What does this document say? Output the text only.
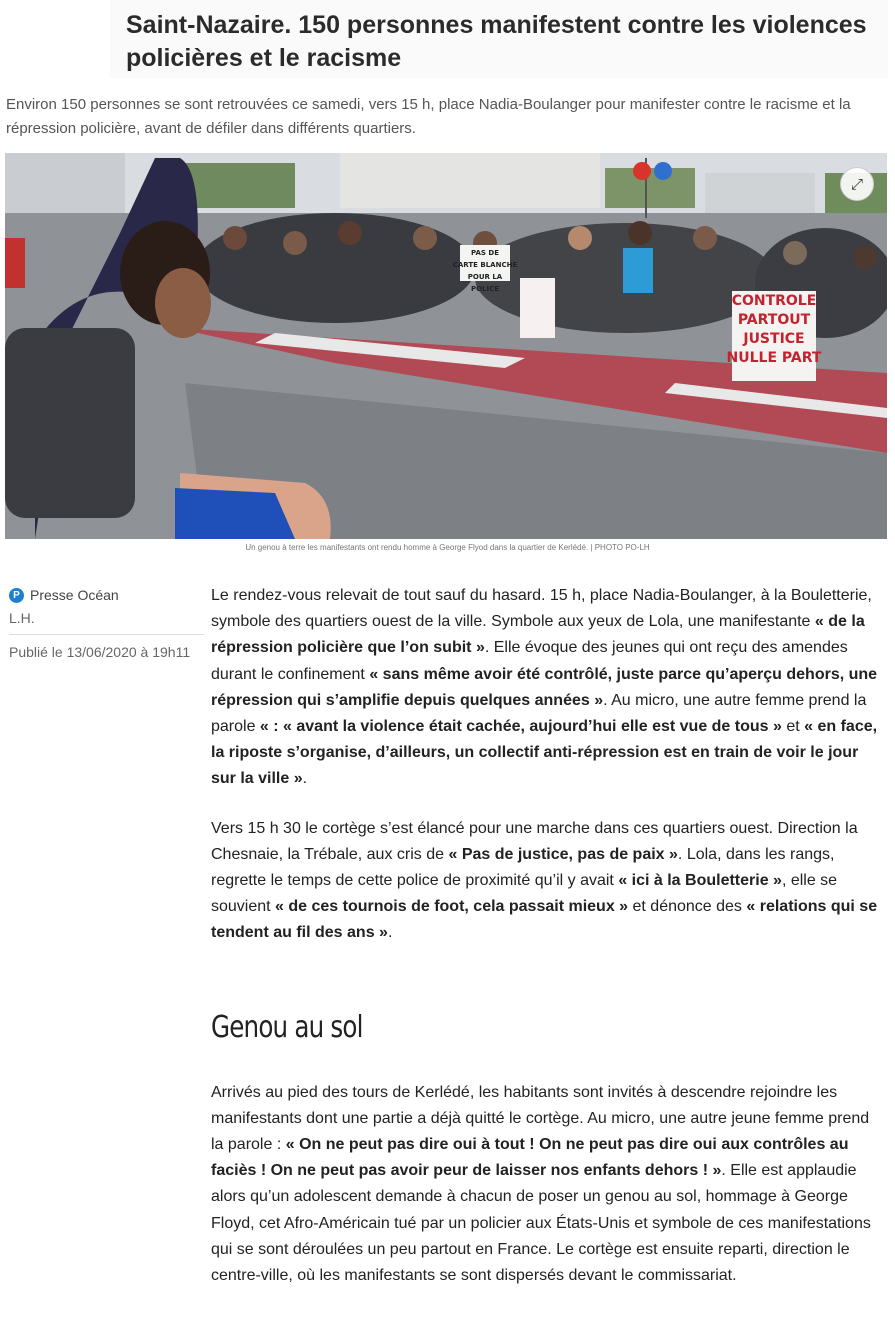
Saint-Nazaire. 150 personnes manifestent contre les violences policières et le racisme

Environ 150 personnes se sont retrouvées ce samedi, vers 15 h, place Nadia-Boulanger pour manifester contre le racisme et la répression policière, avant de défiler dans différents quartiers.

PAS DE
CARTE BLANCHE
POUR LA
POLICE
CONTROLE
PARTOUT
JUSTICE
NULLE PART
⤢
Un genou à terre les manifestants ont rendu homme à George Flyod dans la quartier de Kerlédé. | PHOTO PO-LH
P Presse Océan
L.H.
Publié le 13/06/2020 à 19h11

Le rendez-vous relevait de tout sauf du hasard. 15 h, place Nadia-Boulanger, à la Bouletterie, symbole des quartiers ouest de la ville. Symbole aux yeux de Lola, une manifestante « de la répression policière que l’on subit ». Elle évoque des jeunes qui ont reçu des amendes durant le confinement « sans même avoir été contrôlé, juste parce qu’aperçu dehors, une répression qui s’amplifie depuis quelques années ». Au micro, une autre femme prend la parole « : « avant la violence était cachée, aujourd’hui elle est vue de tous » et « en face, la riposte s’organise, d’ailleurs, un collectif anti-répression est en train de voir le jour sur la ville ».

Vers 15 h 30 le cortège s’est élancé pour une marche dans ces quartiers ouest. Direction la Chesnaie, la Trébale, aux cris de « Pas de justice, pas de paix ». Lola, dans les rangs, regrette le temps de cette police de proximité qu’il y avait « ici à la Bouletterie », elle se souvient « de ces tournois de foot, cela passait mieux » et dénonce des « relations qui se tendent au fil des ans ».

Genou au sol

Arrivés au pied des tours de Kerlédé, les habitants sont invités à descendre rejoindre les manifestants dont une partie a déjà quitté le cortège. Au micro, une autre jeune femme prend la parole : « On ne peut pas dire oui à tout ! On ne peut pas dire oui aux contrôles au faciès ! On ne peut pas avoir peur de laisser nos enfants dehors ! ». Elle est applaudie alors qu’un adolescent demande à chacun de poser un genou au sol, hommage à George Floyd, cet Afro-Américain tué par un policier aux États-Unis et symbole de ces manifestations qui se sont déroulées un peu partout en France. Le cortège est ensuite reparti, direction le centre-ville, où les manifestants se sont dispersés devant le commissariat.
